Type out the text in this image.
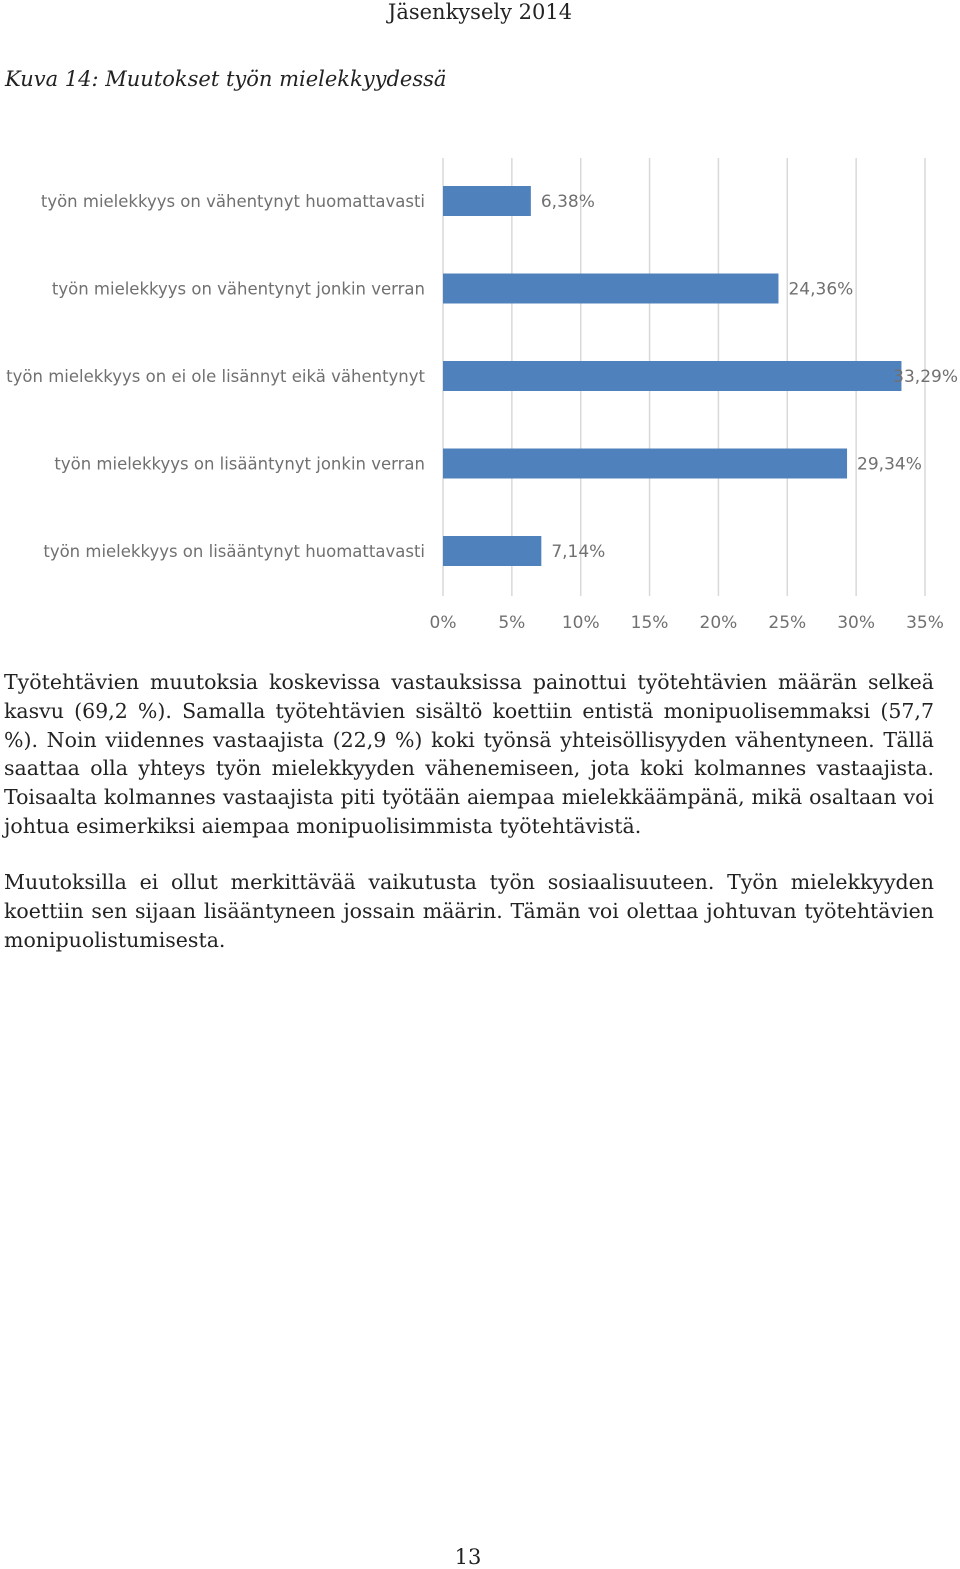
Jäsenkysely 2014
Kuva 14: Muutokset työn mielekkyydessä
työn mielekkyys on vähentynyt huomattavasti
työn mielekkyys on vähentynyt jonkin verran
työn mielekkyys on ei ole lisännyt eikä vähentynyt
työn mielekkyys on lisääntynyt jonkin verran
työn mielekkyys on lisääntynyt huomattavasti
6,38%
24,36%
33,29%
29,34%
7,14%
0% 5% 10% 15% 20% 25% 30% 35%

Työtehtävien muutoksia koskevissa vastauksissa painottui työtehtävien määrän selkeä kasvu (69,2 %). Samalla työtehtävien sisältö koettiin entistä monipuolisemmaksi (57,7 %). Noin viidennes vastaajista (22,9 %) koki työnsä yhteisöllisyyden vähentyneen. Tällä saattaa olla yhteys työn mielekkyyden vähenemiseen, jota koki kolmannes vastaajista. Toisaalta kolmannes vastaajista piti työtään aiempaa mielekkäämpänä, mikä osaltaan voi johtua esimerkiksi aiempaa monipuolisimmista työtehtävistä.

Muutoksilla ei ollut merkittävää vaikutusta työn sosiaalisuuteen. Työn mielekkyyden koettiin sen sijaan lisääntyneen jossain määrin. Tämän voi olettaa johtuvan työtehtävien monipuolistumisesta.

13
